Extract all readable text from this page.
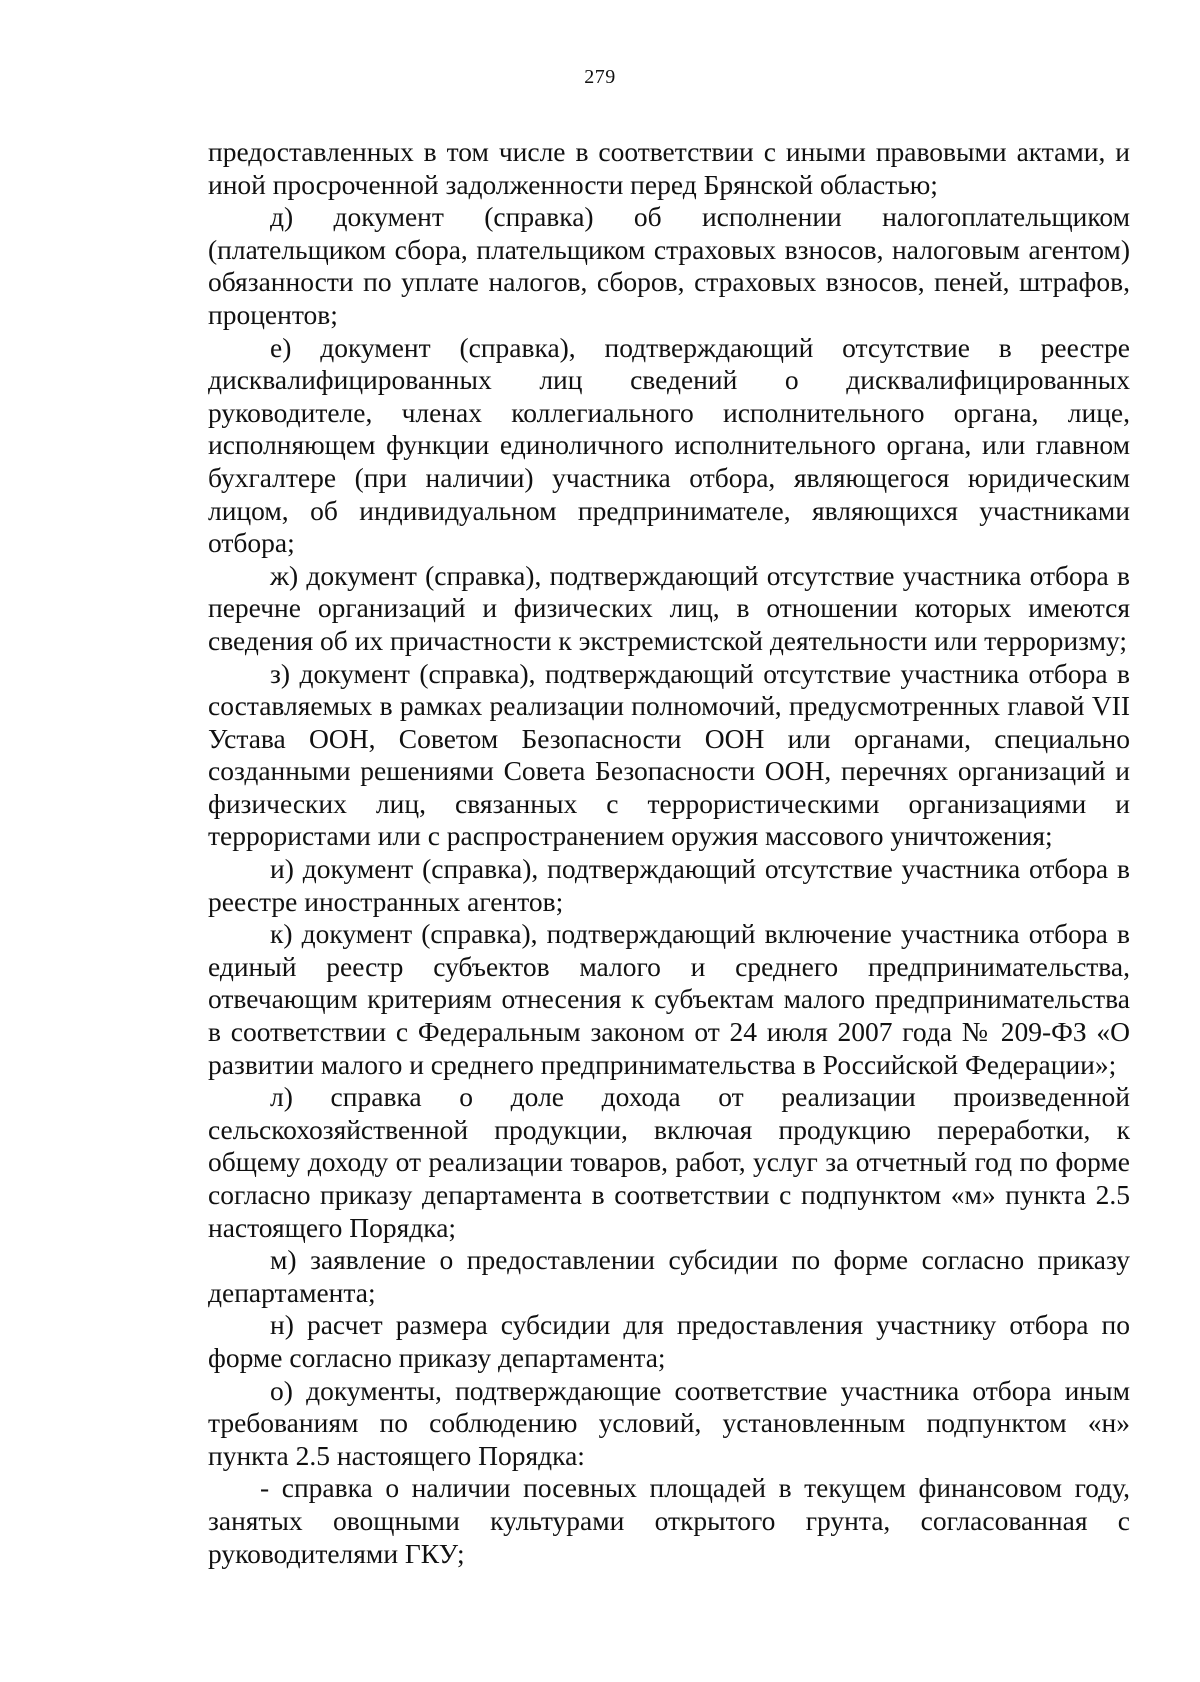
279

предоставленных в том числе в соответствии с иными правовыми актами, и иной просроченной задолженности перед Брянской областью;

д) документ (справка) об исполнении налогоплательщиком (плательщиком сбора, плательщиком страховых взносов, налоговым агентом) обязанности по уплате налогов, сборов, страховых взносов, пеней, штрафов, процентов;

е) документ (справка), подтверждающий отсутствие в реестре дисквалифицированных лиц сведений о дисквалифицированных руководителе, членах коллегиального исполнительного органа, лице, исполняющем функции единоличного исполнительного органа, или главном бухгалтере (при наличии) участника отбора, являющегося юридическим лицом, об индивидуальном предпринимателе, являющихся участниками отбора;

ж) документ (справка), подтверждающий отсутствие участника отбора в перечне организаций и физических лиц, в отношении которых имеются сведения об их причастности к экстремистской деятельности или терроризму;

з) документ (справка), подтверждающий отсутствие участника отбора в составляемых в рамках реализации полномочий, предусмотренных главой VII Устава ООН, Советом Безопасности ООН или органами, специально созданными решениями Совета Безопасности ООН, перечнях организаций и физических лиц, связанных с террористическими организациями и террористами или с распространением оружия массового уничтожения;

и) документ (справка), подтверждающий отсутствие участника отбора в реестре иностранных агентов;

к) документ (справка), подтверждающий включение участника отбора в единый реестр субъектов малого и среднего предпринимательства, отвечающим критериям отнесения к субъектам малого предпринимательства в соответствии с Федеральным законом от 24 июля 2007 года № 209-ФЗ «О развитии малого и среднего предпринимательства в Российской Федерации»;

л) справка о доле дохода от реализации произведенной сельскохозяйственной продукции, включая продукцию переработки, к общему доходу от реализации товаров, работ, услуг за отчетный год по форме согласно приказу департамента в соответствии с подпунктом «м» пункта 2.5 настоящего Порядка;

м) заявление о предоставлении субсидии по форме согласно приказу департамента;

н) расчет размера субсидии для предоставления участнику отбора по форме согласно приказу департамента;

о) документы, подтверждающие соответствие участника отбора иным требованиям по соблюдению условий, установленным подпунктом «н» пункта 2.5 настоящего Порядка:

- справка о наличии посевных площадей в текущем финансовом году, занятых овощными культурами открытого грунта, согласованная с руководителями ГКУ;
